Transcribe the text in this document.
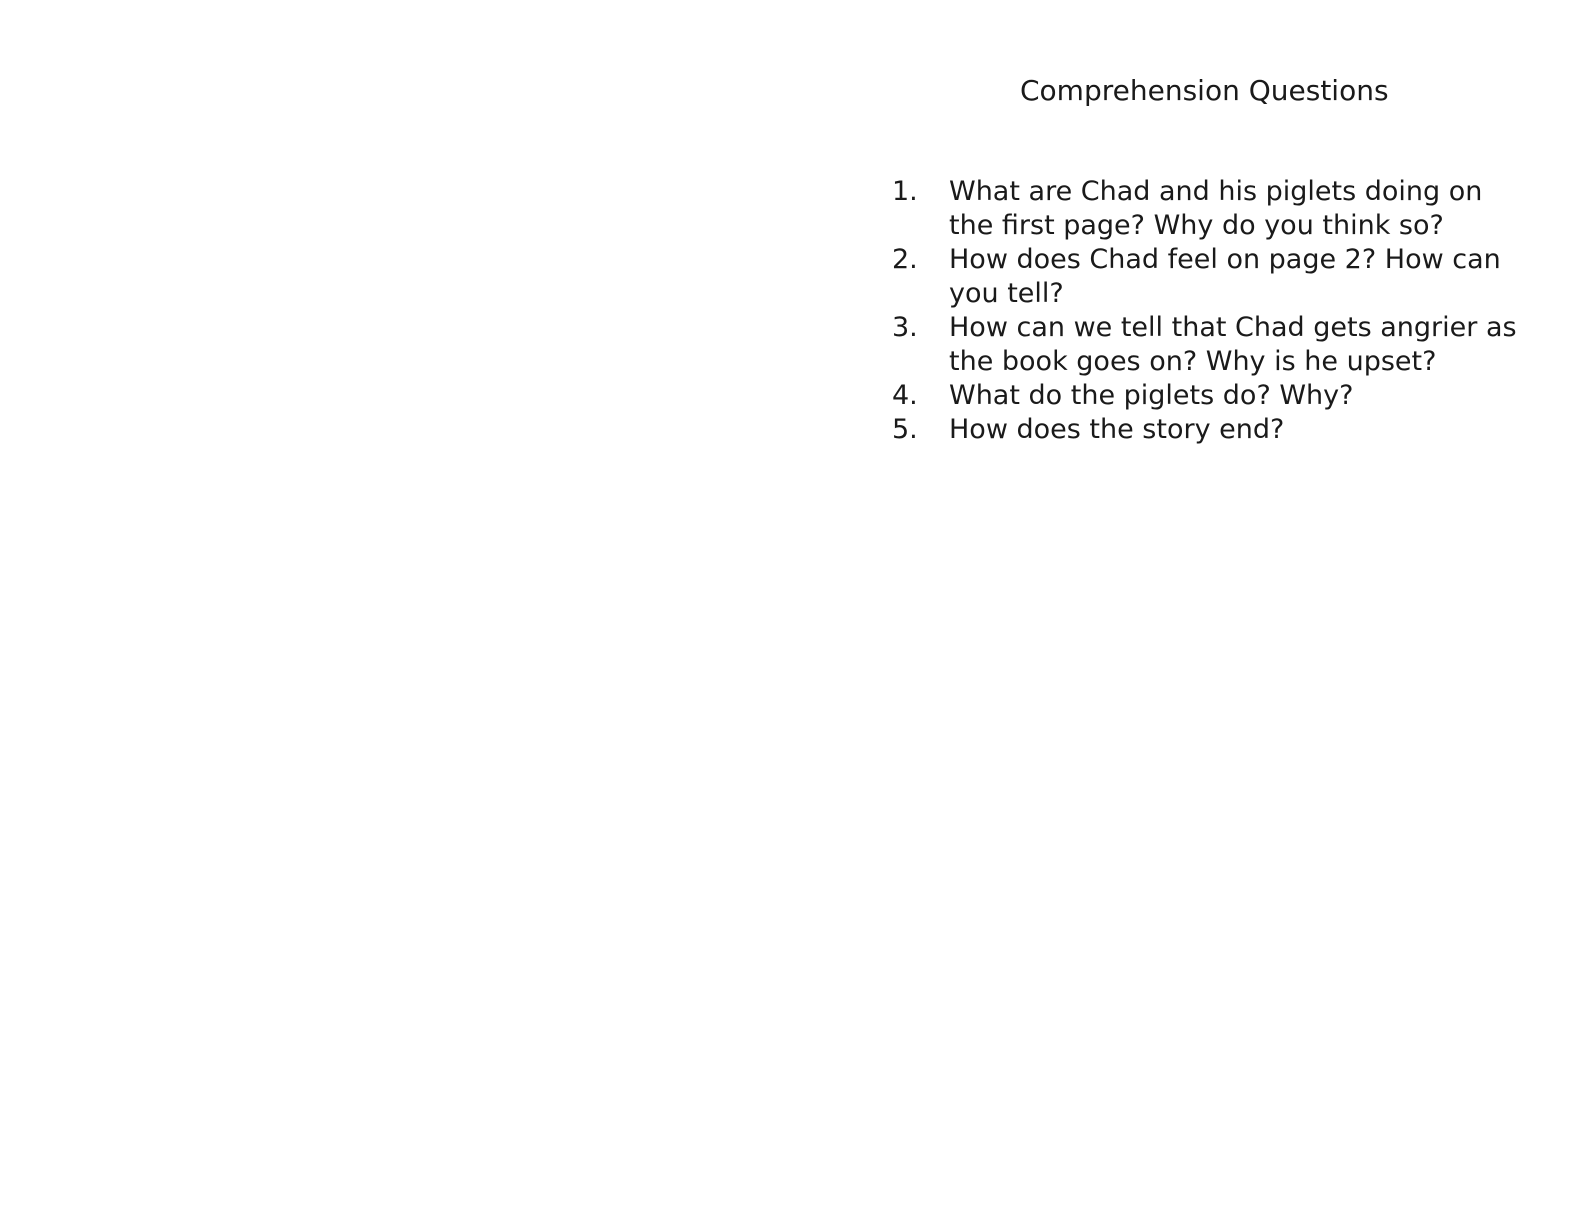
Comprehension Questions
1.	What are Chad and his piglets doing on the first page? Why do you think so?
2.	How does Chad feel on page 2? How can you tell?
3.	How can we tell that Chad gets angrier as the book goes on? Why is he upset?
4.	What do the piglets do? Why?
5.	How does the story end?
